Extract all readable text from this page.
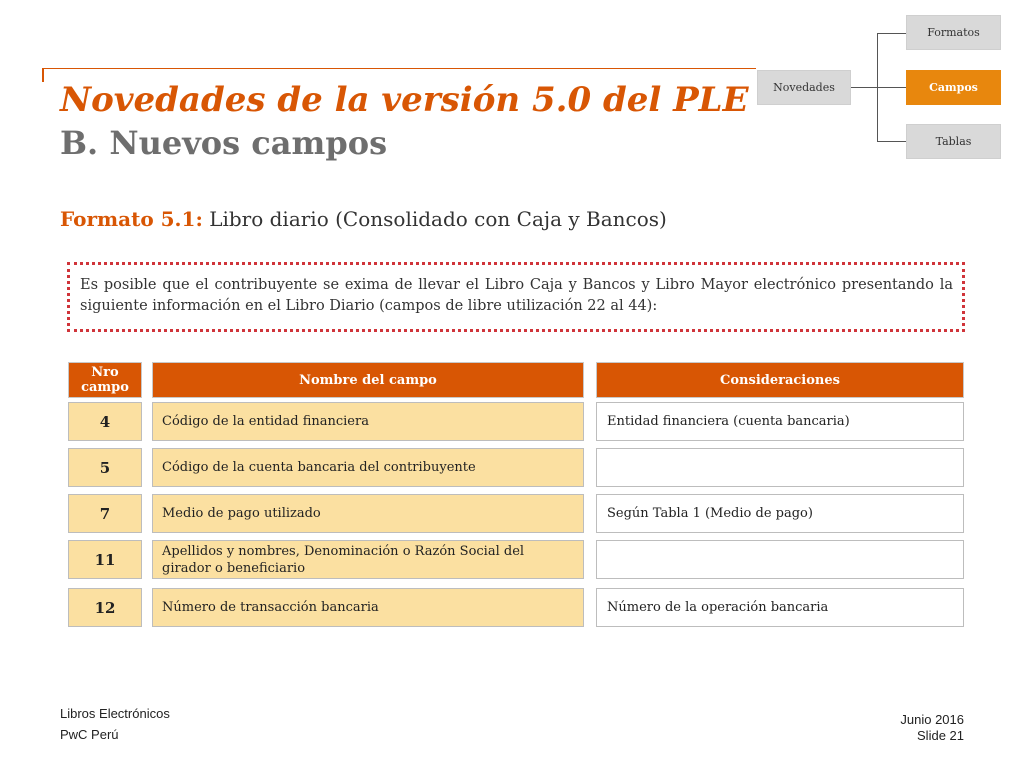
Novedades de la versión 5.0 del PLE
B. Nuevos campos
Formato 5.1: Libro diario (Consolidado con Caja y Bancos)
Novedades
Formatos
Campos
Tablas
Es posible que el contribuyente se exima de llevar el Libro Caja y Bancos y Libro Mayor electrónico presentando la siguiente información en el Libro Diario (campos de libre utilización 22 al 44):
Nro campo	Nombre del campo	Consideraciones
4	Código de la entidad financiera	Entidad financiera (cuenta bancaria)
5	Código de la cuenta bancaria del contribuyente
7	Medio de pago utilizado	Según Tabla 1 (Medio de pago)
11	Apellidos y nombres, Denominación o Razón Social del girador o beneficiario
12	Número de transacción bancaria	Número de la operación bancaria
Libros Electrónicos
PwC Perú
Junio 2016
Slide 21
